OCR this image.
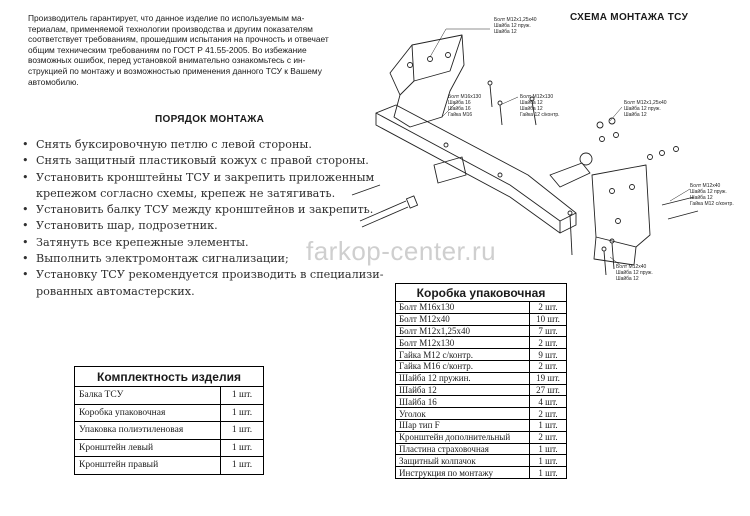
Производитель гарантирует, что данное изделие по используемым ма-
териалам, применяемой технологии производства и другим показателям
соответствует требованиям, прошедшим испытания на прочность и отвечает
общим техническим требованиям по ГОСТ Р 41.55-2005. Во избежание
возможных ошибок, перед установкой внимательно ознакомьтесь с ин-
струкцией по монтажу и возможностью применения данного ТСУ к Вашему
автомобилю.
СХЕМА МОНТАЖА ТСУ
ПОРЯДОК МОНТАЖА
• Снять буксировочную петлю с левой стороны.
• Снять защитный пластиковый кожух с правой стороны.
• Установить кронштейны ТСУ и закрепить приложенным
крепежом согласно схемы, крепеж не затягивать.
• Установить балку ТСУ между кронштейнов и закрепить.
• Установить шар, подрозетник.
• Затянуть все крепежные элементы.
• Выполнить электромонтаж сигнализации;
• Установку ТСУ рекомендуется производить в специализи-
рованных автомастерских.
Болт М12х1,25х40
Шайба 12 пруж.
Шайба 12
Болт М16х130
Шайба 16
Шайба 16
Гайка М16
Болт М12х130
Шайба 12
Шайба 12
Гайка 12 с/контр.
Болт М12х1,25х40
Шайба 12 пруж.
Шайба 12
Болт М12х40
Шайба 12 пруж.
Шайба 12
Гайка М12 с/контр.
Болт М12х40
Шайба 12 пруж.
Шайба 12
farkop-center.ru
Комплектность изделия	
Балка ТСУ	1 шт.
Коробка упаковочная	1 шт.
Упаковка полиэтиленовая	1 шт.
Кронштейн левый	1 шт.
Кронштейн правый	1 шт.
Коробка упаковочная	
Болт М16х130	2 шт.
Болт М12х40	10 шт.
Болт М12х1,25х40	7 шт.
Болт М12х130	2 шт.
Гайка М12 с/контр.	9 шт.
Гайка М16 с/контр.	2 шт.
Шайба 12 пружин.	19 шт.
Шайба 12	27 шт.
Шайба 16	4 шт.
Уголок	2 шт.
Шар тип F	1 шт.
Кронштейн дополнительный	2 шт.
Пластина страховочная	1 шт.
Защитный колпачок	1 шт.
Инструкция по монтажу	1 шт.
